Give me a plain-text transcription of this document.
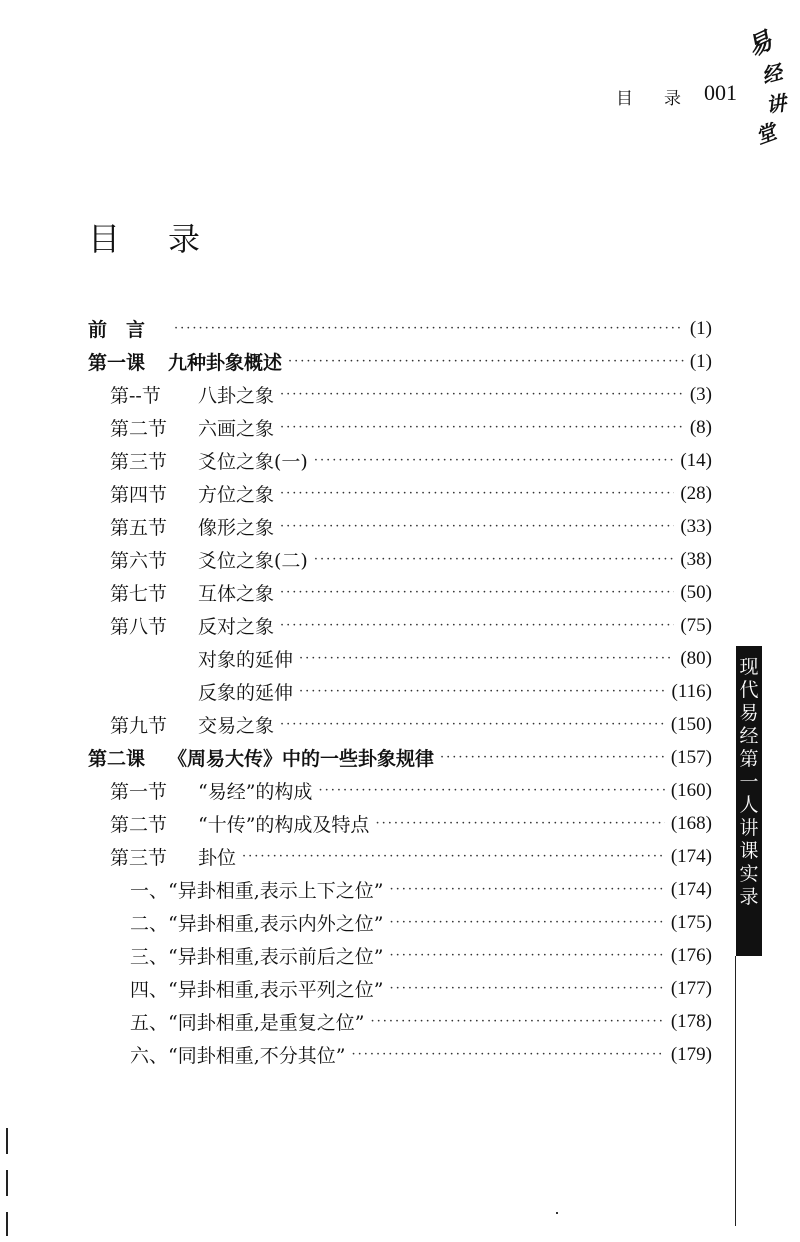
目 录 001
易
经
讲
堂
目 录
前　言 ·····	(1)
第一课	九种卦象概述 ·····	(1)
第--节	八卦之象 ·····	(3)
第二节	六画之象 ·····	(8)
第三节	爻位之象(一) ·····	(14)
第四节	方位之象 ·····	(28)
第五节	像形之象 ·····	(33)
第六节	爻位之象(二) ·····	(38)
第七节	互体之象 ·····	(50)
第八节	反对之象 ·····	(75)
对象的延伸 ·····	(80)
反象的延伸 ·····	(116)
第九节	交易之象 ·····	(150)
第二课	《周易大传》中的一些卦象规律 ·····	(157)
第一节	“易经”的构成 ·····	(160)
第二节	“十传”的构成及特点 ·····	(168)
第三节	卦位 ·····	(174)
一、“异卦相重,表示上下之位” ·····	(174)
二、“异卦相重,表示内外之位” ·····	(175)
三、“异卦相重,表示前后之位” ·····	(176)
四、“异卦相重,表示平列之位” ·····	(177)
五、“同卦相重,是重复之位” ·····	(178)
六、“同卦相重,不分其位” ·····	(179)
现
代
易
经
第
一
人
讲
课
实
录
